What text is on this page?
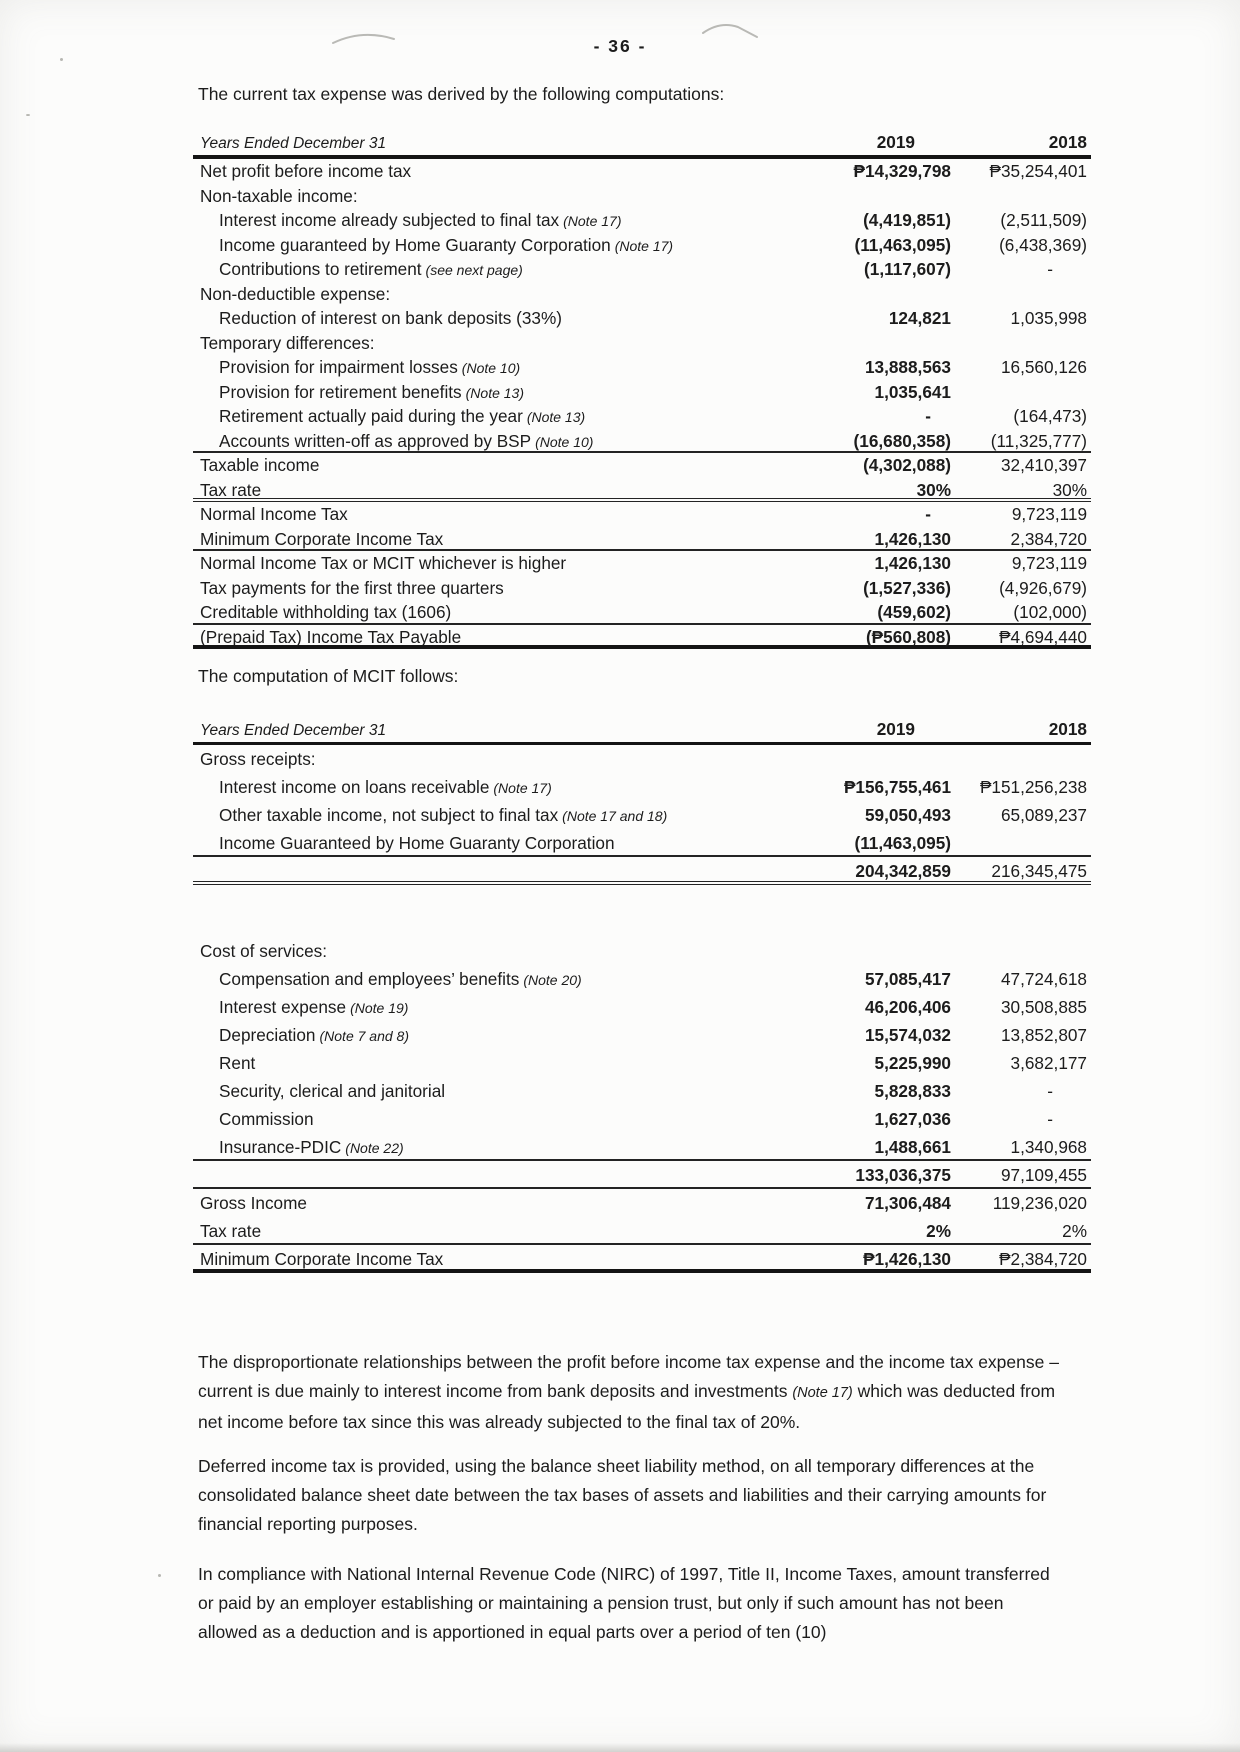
- 36 -
The current tax expense was derived by the following computations:
Years Ended December 31	2019	2018
Net profit before income tax	₱14,329,798	₱35,254,401
Non-taxable income:
Interest income already subjected to final tax (Note 17)	(4,419,851)	(2,511,509)
Income guaranteed by Home Guaranty Corporation (Note 17)	(11,463,095)	(6,438,369)
Contributions to retirement (see next page)	(1,117,607)	-
Non-deductible expense:
Reduction of interest on bank deposits (33%)	124,821	1,035,998
Temporary differences:
Provision for impairment losses (Note 10)	13,888,563	16,560,126
Provision for retirement benefits (Note 13)	1,035,641
Retirement actually paid during the year (Note 13)	-	(164,473)
Accounts written-off as approved by BSP (Note 10)	(16,680,358)	(11,325,777)
Taxable income	(4,302,088)	32,410,397
Tax rate	30%	30%
Normal Income Tax	-	9,723,119
Minimum Corporate Income Tax	1,426,130	2,384,720
Normal Income Tax or MCIT whichever is higher	1,426,130	9,723,119
Tax payments for the first three quarters	(1,527,336)	(4,926,679)
Creditable withholding tax (1606)	(459,602)	(102,000)
(Prepaid Tax) Income Tax Payable	(₱560,808)	₱4,694,440
The computation of MCIT follows:
Years Ended December 31	2019	2018
Gross receipts:
Interest income on loans receivable (Note 17)	₱156,755,461	₱151,256,238
Other taxable income, not subject to final tax (Note 17 and 18)	59,050,493	65,089,237
Income Guaranteed by Home Guaranty Corporation	(11,463,095)
204,342,859	216,345,475
Cost of services:
Compensation and employees’ benefits (Note 20)	57,085,417	47,724,618
Interest expense (Note 19)	46,206,406	30,508,885
Depreciation (Note 7 and 8)	15,574,032	13,852,807
Rent	5,225,990	3,682,177
Security, clerical and janitorial	5,828,833	-
Commission	1,627,036	-
Insurance-PDIC (Note 22)	1,488,661	1,340,968
133,036,375	97,109,455
Gross Income	71,306,484	119,236,020
Tax rate	2%	2%
Minimum Corporate Income Tax	₱1,426,130	₱2,384,720
The disproportionate relationships between the profit before income tax expense and the income tax expense – current is due mainly to interest income from bank deposits and investments (Note 17) which was deducted from net income before tax since this was already subjected to the final tax of 20%.
Deferred income tax is provided, using the balance sheet liability method, on all temporary differences at the consolidated balance sheet date between the tax bases of assets and liabilities and their carrying amounts for financial reporting purposes.
In compliance with National Internal Revenue Code (NIRC) of 1997, Title II, Income Taxes, amount transferred or paid by an employer establishing or maintaining a pension trust, but only if such amount has not been allowed as a deduction and is apportioned in equal parts over a period of ten (10)
